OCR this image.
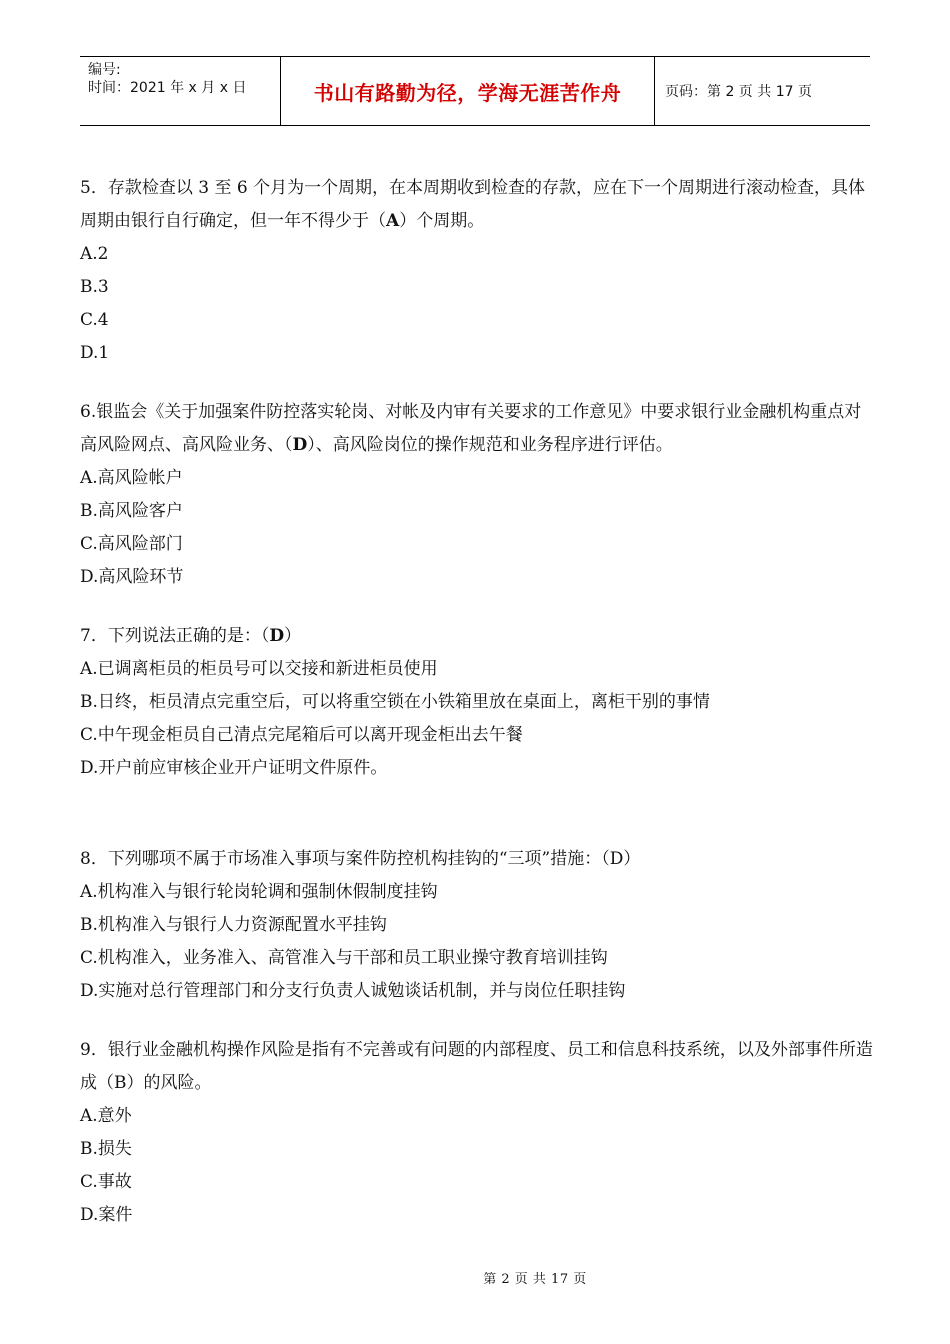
编号:
时间：2021 年 x 月 x 日	书山有路勤为径，学海无涯苦作舟	页码：第 2 页 共 17 页

5．存款检查以 3 至 6 个月为一个周期，在本周期收到检查的存款，应在下一个周期进行滚动检查，具体周期由银行自行确定，但一年不得少于（A）个周期。

A.2

B.3

C.4

D.1

6.银监会《关于加强案件防控落实轮岗、对帐及内审有关要求的工作意见》中要求银行业金融机构重点对高风险网点、高风险业务、（D）、高风险岗位的操作规范和业务程序进行评估。

A.高风险帐户

B.高风险客户

C.高风险部门

D.高风险环节

7．下列说法正确的是：（D）

A.已调离柜员的柜员号可以交接和新进柜员使用

B.日终，柜员清点完重空后，可以将重空锁在小铁箱里放在桌面上，离柜干别的事情

C.中午现金柜员自己清点完尾箱后可以离开现金柜出去午餐

D.开户前应审核企业开户证明文件原件。

8．下列哪项不属于市场准入事项与案件防控机构挂钩的“三项”措施：（D）

A.机构准入与银行轮岗轮调和强制休假制度挂钩

B.机构准入与银行人力资源配置水平挂钩

C.机构准入，业务准入、高管准入与干部和员工职业操守教育培训挂钩

D.实施对总行管理部门和分支行负责人诚勉谈话机制，并与岗位任职挂钩

9．银行业金融机构操作风险是指有不完善或有问题的内部程度、员工和信息科技系统，以及外部事件所造成（B）的风险。

A.意外

B.损失

C.事故

D.案件

第 2 页 共 17 页
